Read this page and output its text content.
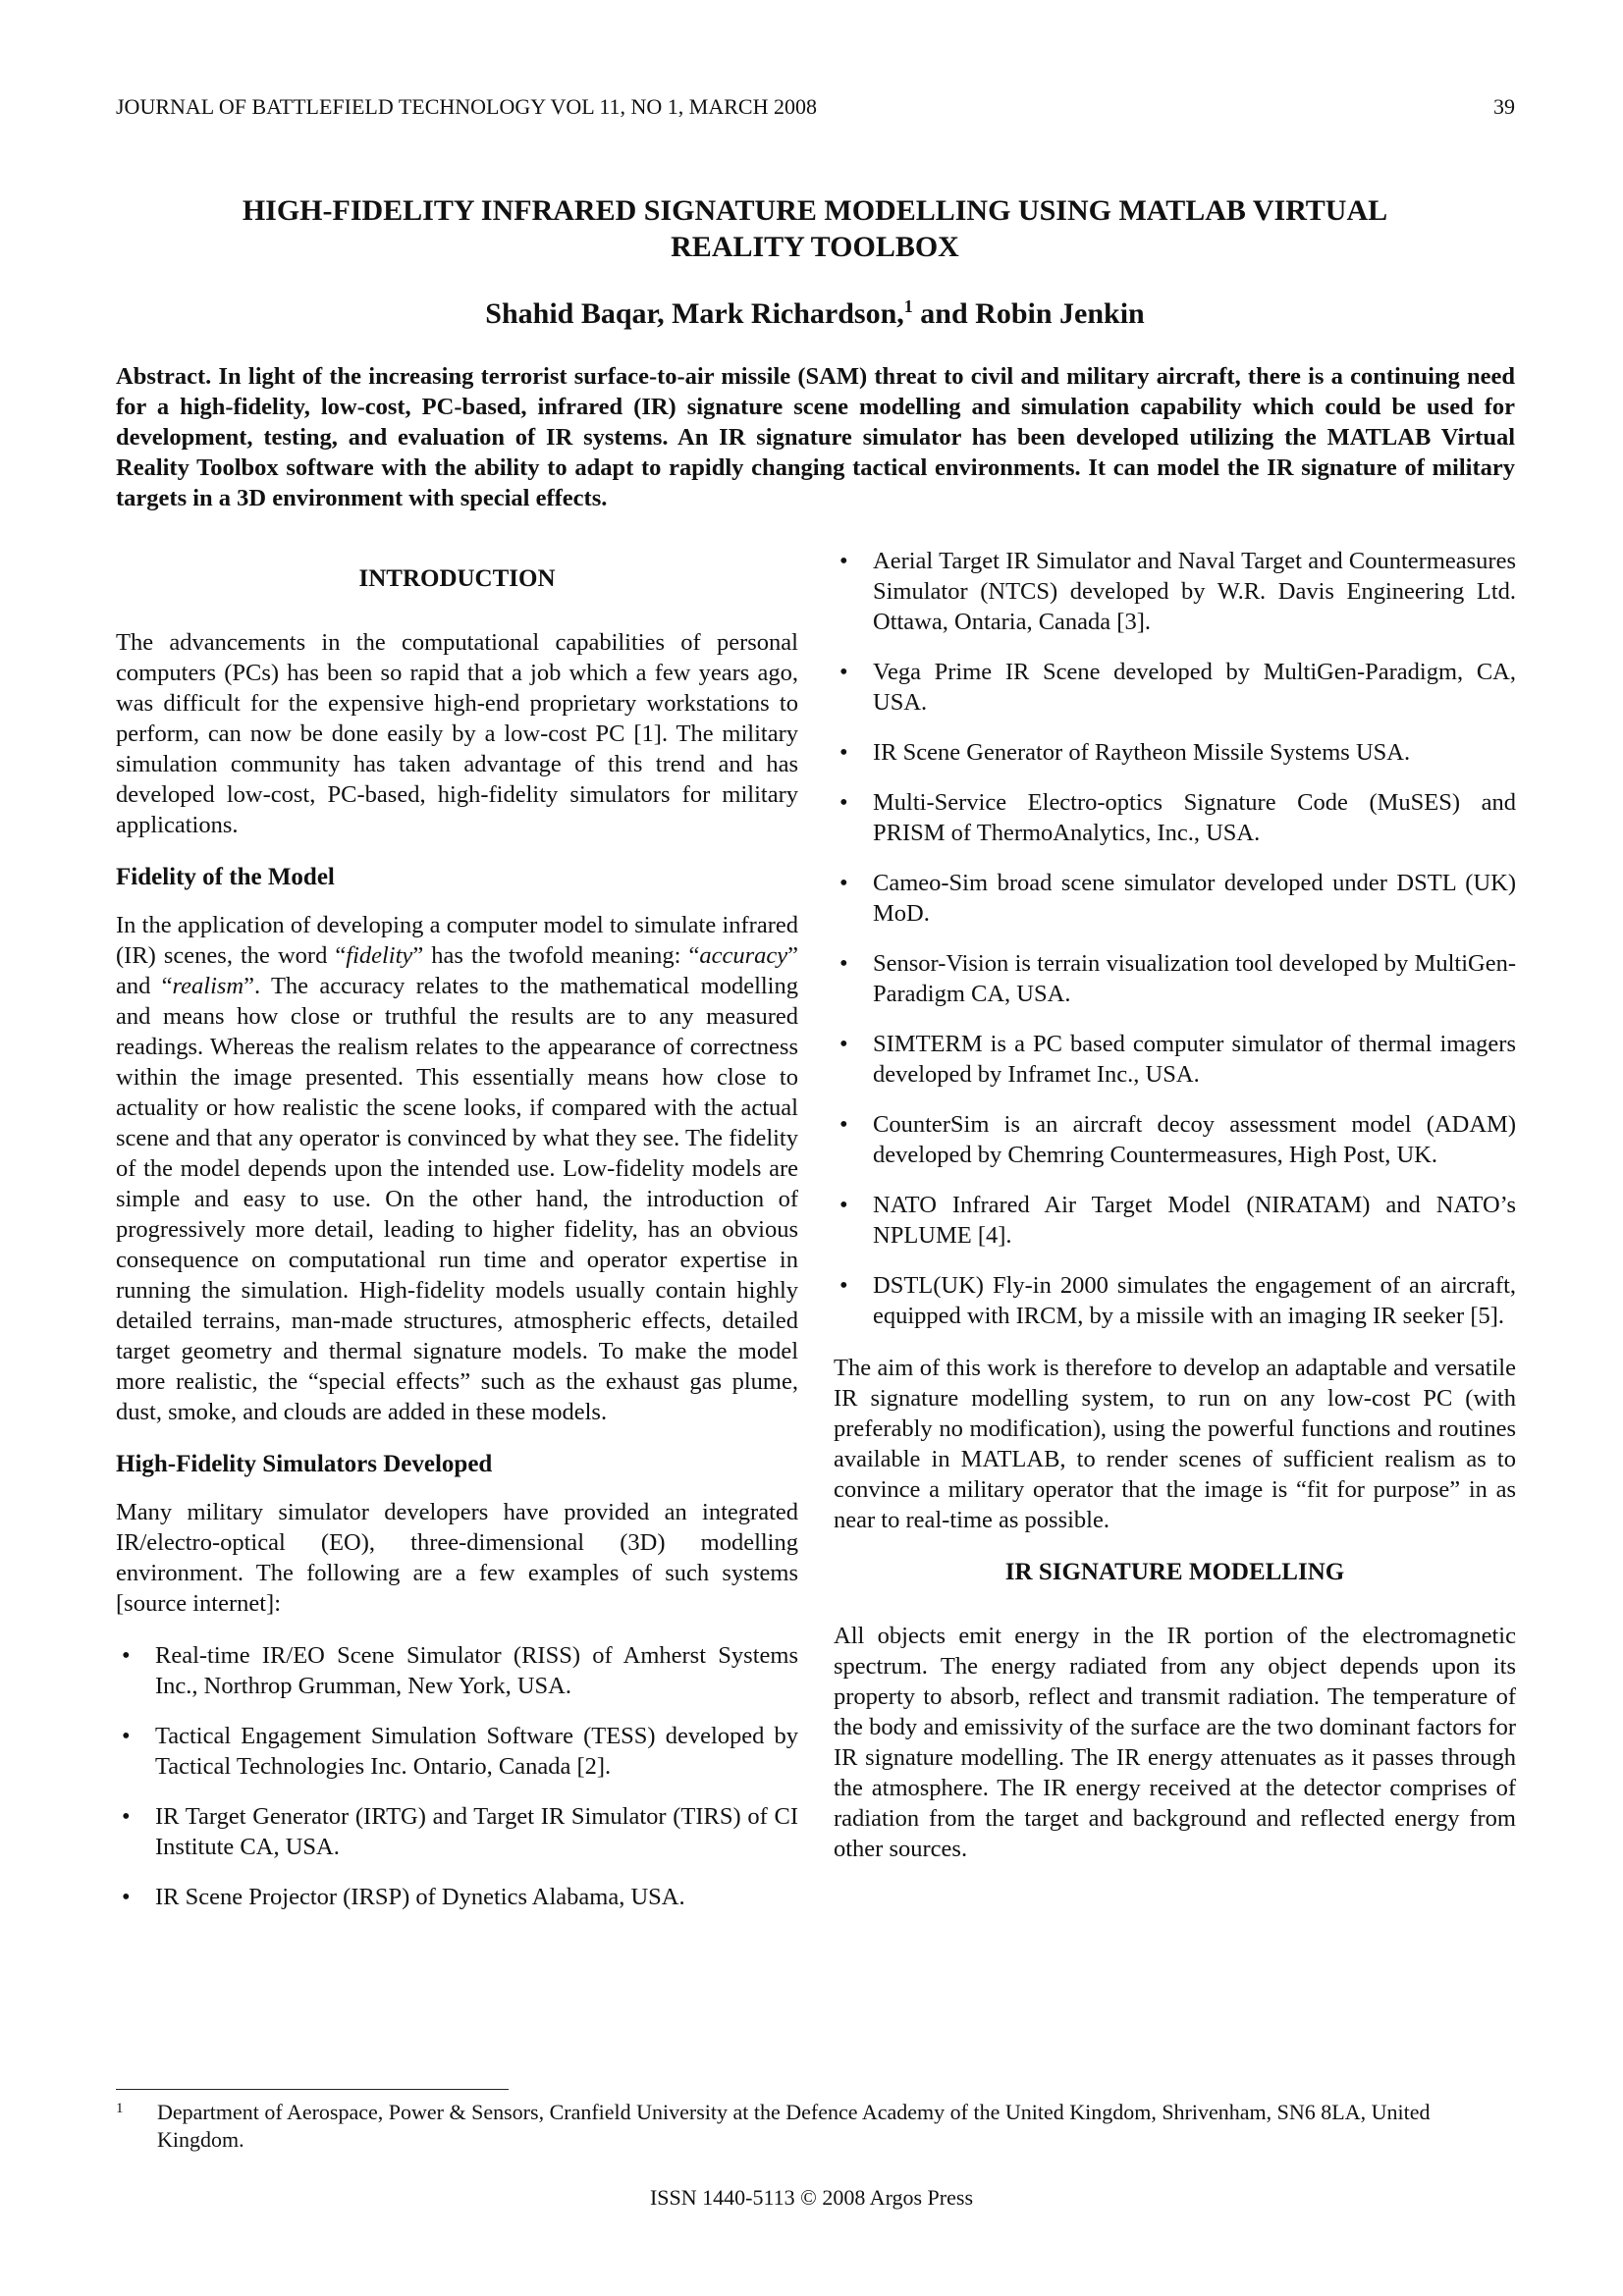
JOURNAL OF BATTLEFIELD TECHNOLOGY VOL 11, NO 1, MARCH 2008	39
HIGH-FIDELITY INFRARED SIGNATURE MODELLING USING MATLAB VIRTUAL
REALITY TOOLBOX
Shahid Baqar, Mark Richardson,$^1$ and Robin Jenkin
Abstract. In light of the increasing terrorist surface-to-air missile (SAM) threat to civil and military aircraft, there is a continuing need for a high-fidelity, low-cost, PC-based, infrared (IR) signature scene modelling and simulation capability which could be used for development, testing, and evaluation of IR systems. An IR signature simulator has been developed utilizing the MATLAB Virtual Reality Toolbox software with the ability to adapt to rapidly changing tactical environments. It can model the IR signature of military targets in a 3D environment with special effects.
INTRODUCTION

The advancements in the computational capabilities of personal computers (PCs) has been so rapid that a job which a few years ago, was difficult for the expensive high-end proprietary workstations to perform, can now be done easily by a low-cost PC [1]. The military simulation community has taken advantage of this trend and has developed low-cost, PC-based, high-fidelity simulators for military applications.

Fidelity of the Model

In the application of developing a computer model to simulate infrared (IR) scenes, the word “fidelity” has the twofold meaning: “accuracy” and “realism”. The accuracy relates to the mathematical modelling and means how close or truthful the results are to any measured readings. Whereas the realism relates to the appearance of correctness within the image presented. This essentially means how close to actuality or how realistic the scene looks, if compared with the actual scene and that any operator is convinced by what they see. The fidelity of the model depends upon the intended use. Low-fidelity models are simple and easy to use. On the other hand, the introduction of progressively more detail, leading to higher fidelity, has an obvious consequence on computational run time and operator expertise in running the simulation. High-fidelity models usually contain highly detailed terrains, man-made structures, atmospheric effects, detailed target geometry and thermal signature models. To make the model more realistic, the “special effects” such as the exhaust gas plume, dust, smoke, and clouds are added in these models.

High-Fidelity Simulators Developed

Many military simulator developers have provided an integrated IR/electro-optical (EO), three-dimensional (3D) modelling environment. The following are a few examples of such systems [source internet]:

• Real-time IR/EO Scene Simulator (RISS) of Amherst Systems Inc., Northrop Grumman, New York, USA.
• Tactical Engagement Simulation Software (TESS) developed by Tactical Technologies Inc. Ontario, Canada [2].
• IR Target Generator (IRTG) and Target IR Simulator (TIRS) of CI Institute CA, USA.
• IR Scene Projector (IRSP) of Dynetics Alabama, USA.
• Aerial Target IR Simulator and Naval Target and Countermeasures Simulator (NTCS) developed by W.R. Davis Engineering Ltd. Ottawa, Ontaria, Canada [3].
• Vega Prime IR Scene developed by MultiGen-Paradigm, CA, USA.
• IR Scene Generator of Raytheon Missile Systems USA.
• Multi-Service Electro-optics Signature Code (MuSES) and PRISM of ThermoAnalytics, Inc., USA.
• Cameo-Sim broad scene simulator developed under DSTL (UK) MoD.
• Sensor-Vision is terrain visualization tool developed by MultiGen-Paradigm CA, USA.
• SIMTERM is a PC based computer simulator of thermal imagers developed by Inframet Inc., USA.
• CounterSim is an aircraft decoy assessment model (ADAM) developed by Chemring Countermeasures, High Post, UK.
• NATO Infrared Air Target Model (NIRATAM) and NATO’s NPLUME [4].
• DSTL(UK) Fly-in 2000 simulates the engagement of an aircraft, equipped with IRCM, by a missile with an imaging IR seeker [5].

The aim of this work is therefore to develop an adaptable and versatile IR signature modelling system, to run on any low-cost PC (with preferably no modification), using the powerful functions and routines available in MATLAB, to render scenes of sufficient realism as to convince a military operator that the image is “fit for purpose” in as near to real-time as possible.

IR SIGNATURE MODELLING

All objects emit energy in the IR portion of the electromagnetic spectrum. The energy radiated from any object depends upon its property to absorb, reflect and transmit radiation. The temperature of the body and emissivity of the surface are the two dominant factors for IR signature modelling. The IR energy attenuates as it passes through the atmosphere. The IR energy received at the detector comprises of radiation from the target and background and reflected energy from other sources.

1 Department of Aerospace, Power & Sensors, Cranfield University at the Defence Academy of the United Kingdom, Shrivenham, SN6 8LA, United Kingdom.
ISSN 1440-5113 © 2008 Argos Press
